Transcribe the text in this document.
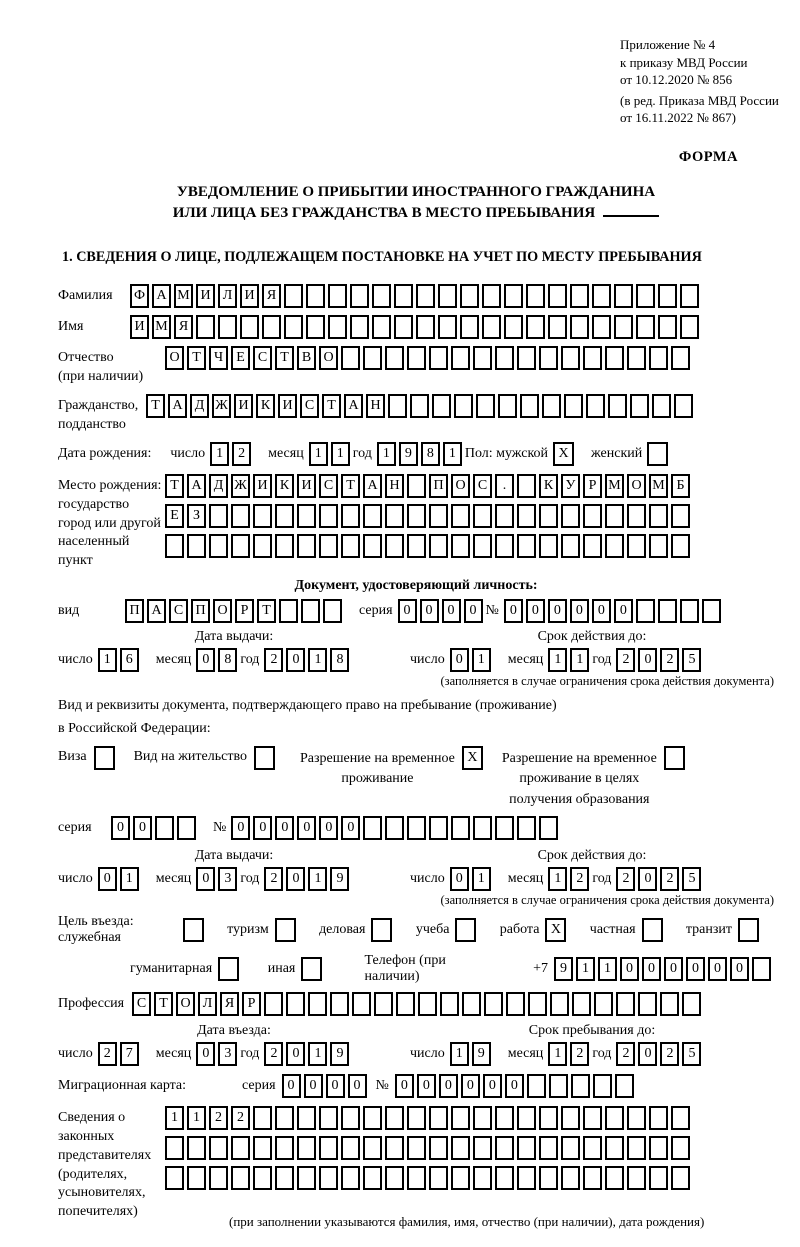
Приложение № 4
к приказу МВД России
от 10.12.2020 № 856
(в ред. Приказа МВД России
от 16.11.2022 № 867)
ФОРМА
УВЕДОМЛЕНИЕ О ПРИБЫТИИ ИНОСТРАННОГО ГРАЖДАНИНА
ИЛИ ЛИЦА БЕЗ ГРАЖДАНСТВА В МЕСТО ПРЕБЫВАНИЯ
1. СВЕДЕНИЯ О ЛИЦЕ, ПОДЛЕЖАЩЕМ ПОСТАНОВКЕ НА УЧЕТ ПО МЕСТУ ПРЕБЫВАНИЯ
Фамилия	Ф А М И Л И Я
Имя	И М Я
Отчество
(при наличии)
О Т Ч Е С Т В О
Гражданство,
подданство
Т А Д Ж И К И С Т А Н
Дата рождения: число 1	2	месяц 1	1 год 1	9	8	1 Пол: мужской X	женский
Место рождения:
государство
город или другой
населенный пункт
Т А Д Ж И К И С Т А Н	П О С	.	К У Р М О М Б
Е	З
Документ, удостоверяющий личность:
вид	П А С П О Р Т	серия 0	0	0	0 № 0	0	0	0	0	0
Дата выдачи:
число 1	6	месяц 0	8 год 2	0	1	8
Срок действия до:
число 0	1	месяц 1	1 год 2	0	2	5
(заполняется в случае ограничения срока действия документа)
Вид и реквизиты документа, подтверждающего право на пребывание (проживание)
в Российской Федерации:
Виза	Вид на жительство	Разрешение на временное
проживание
X	Разрешение на временное
проживание в целях
получения образования
серия	0	0	№ 0	0	0	0	0	0
Дата выдачи:
число 0	1	месяц 0	3 год 2	0	1	9
Срок действия до:
число 0	1	месяц 1	2 год 2	0	2	5
(заполняется в случае ограничения срока действия документа)
Цель въезда: служебная
туризм	деловая	учеба	работа X	частная	транзит
гуманитарная	иная
Телефон (при наличии)
+7 9	1	1	0	0	0	0	0	0
Профессия С Т О Л Я Р
Дата въезда:
число 2	7	месяц 0	3 год 2	0	1	9
Срок пребывания до:
число 1	9	месяц 1	2 год 2	0	2	5
Миграционная карта:	серия 0	0	0	0	№ 0	0	0	0	0	0
Сведения о
законных
представителях
(родителях,
усыновителях,
попечителях)
1	1	2	2
(при заполнении указываются фамилия, имя, отчество (при наличии), дата рождения)
